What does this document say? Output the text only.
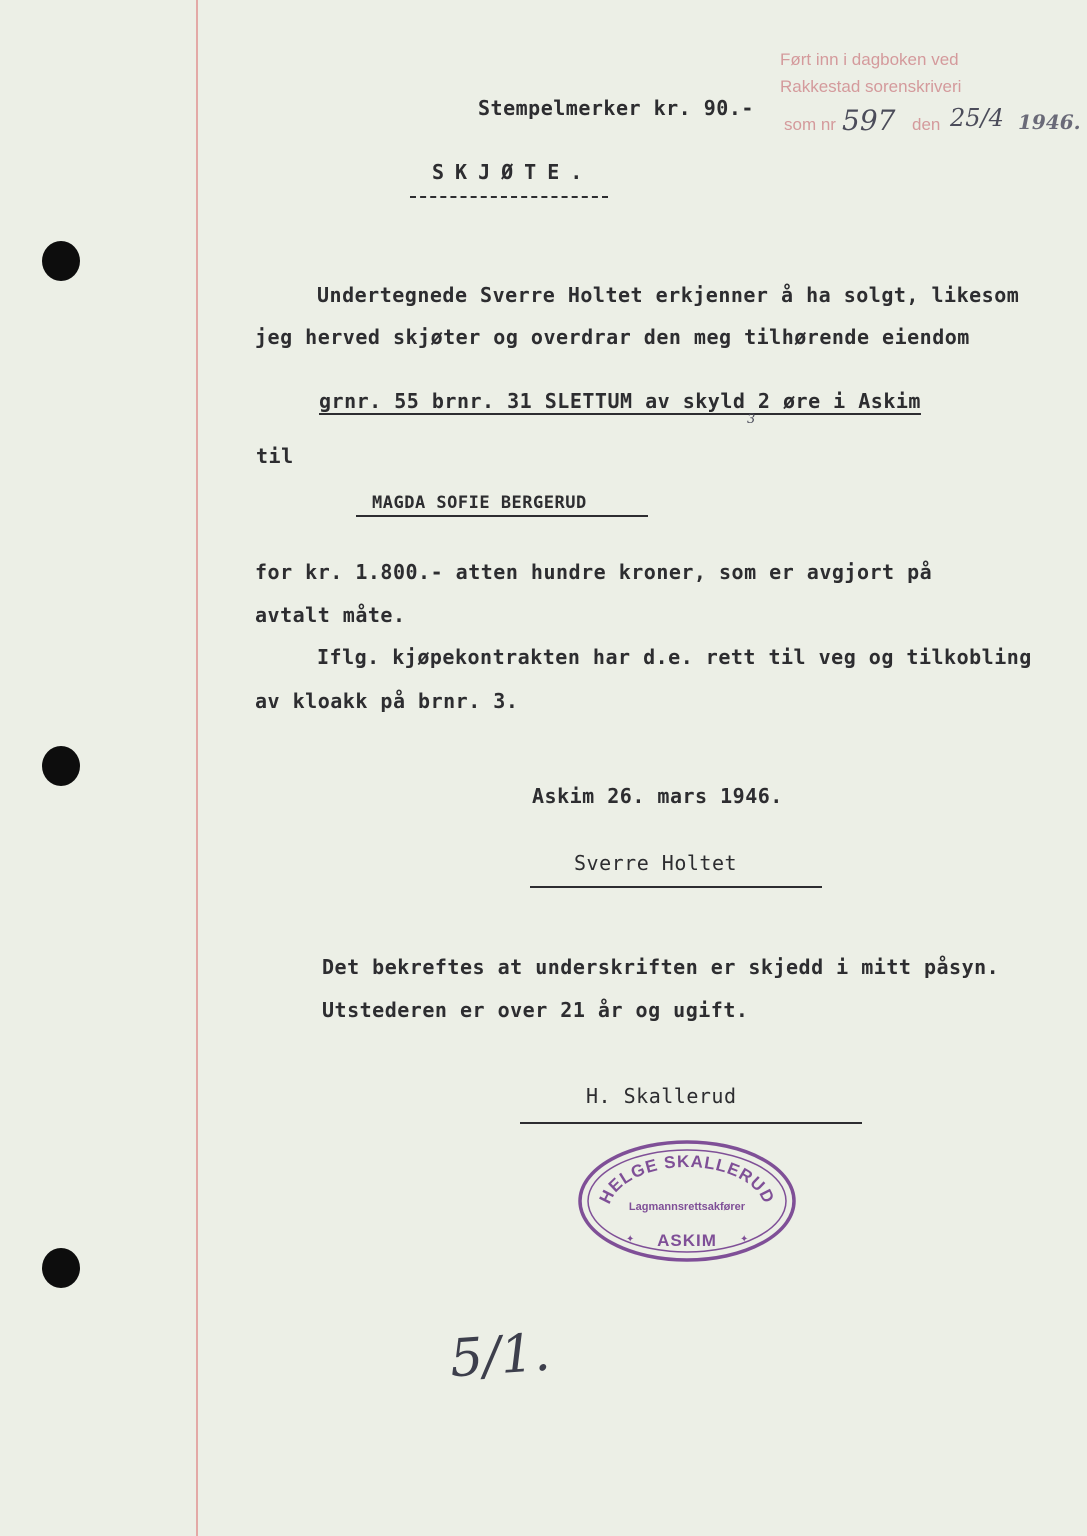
Ført inn i dagboken ved
Rakkestad sorenskriveri
som nr 597 den 25/4 1946.
Stempelmerker kr. 90.-
SKJØTE.
Undertegnede Sverre Holtet erkjenner å ha solgt, likesom
jeg herved skjøter og overdrar den meg tilhørende eiendom
grnr. 55 brnr. 31 SLETTUM av skyld 2 øre i Askim
3
til
MAGDA SOFIE BERGERUD
for kr. 1.800.- atten hundre kroner, som er avgjort på
avtalt måte.
Iflg. kjøpekontrakten har d.e. rett til veg og tilkobling
av kloakk på brnr. 3.
Askim 26. mars 1946.
Sverre Holtet
Det bekreftes at underskriften er skjedd i mitt påsyn.
Utstederen er over 21 år og ugift.
H. Skallerud
HELGE SKALLERUD
Lagmannsrettsakfører
✦	✦
ASKIM
5/1.
